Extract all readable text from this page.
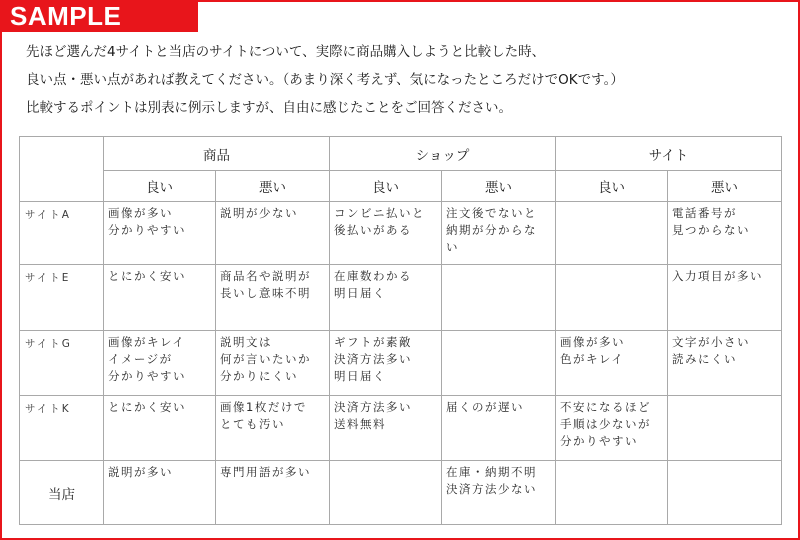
SAMPLE

先ほど選んだ4サイトと当店のサイトについて、実際に商品購入しようと比較した時、

良い点・悪い点があれば教えてください。（あまり深く考えず、気になったところだけでOKです。）

比較するポイントは別表に例示しますが、自由に感じたことをご回答ください。

	商品		ショップ		サイト	
	良い	悪い	良い	悪い	良い	悪い
サイトA	画像が多い
分かりやすい	説明が少ない	コンビニ払いと
後払いがある	注文後でないと
納期が分からな
い		電話番号が
見つからない

サイトE	とにかく安い	商品名や説明が
長いし意味不明	在庫数わかる
明日届く			入力項目が多い

サイトG	画像がキレイ
イメージが
分かりやすい	説明文は
何が言いたいか
分かりにくい	ギフトが素敵
決済方法多い
明日届く		画像が多い
色がキレイ	文字が小さい
読みにくい

サイトK	とにかく安い	画像1枚だけで
とても汚い	決済方法多い
送料無料	届くのが遅い	不安になるほど
手順は少ないが
分かりやすい	

当店	説明が多い	専門用語が多い		在庫・納期不明
決済方法少ない		
